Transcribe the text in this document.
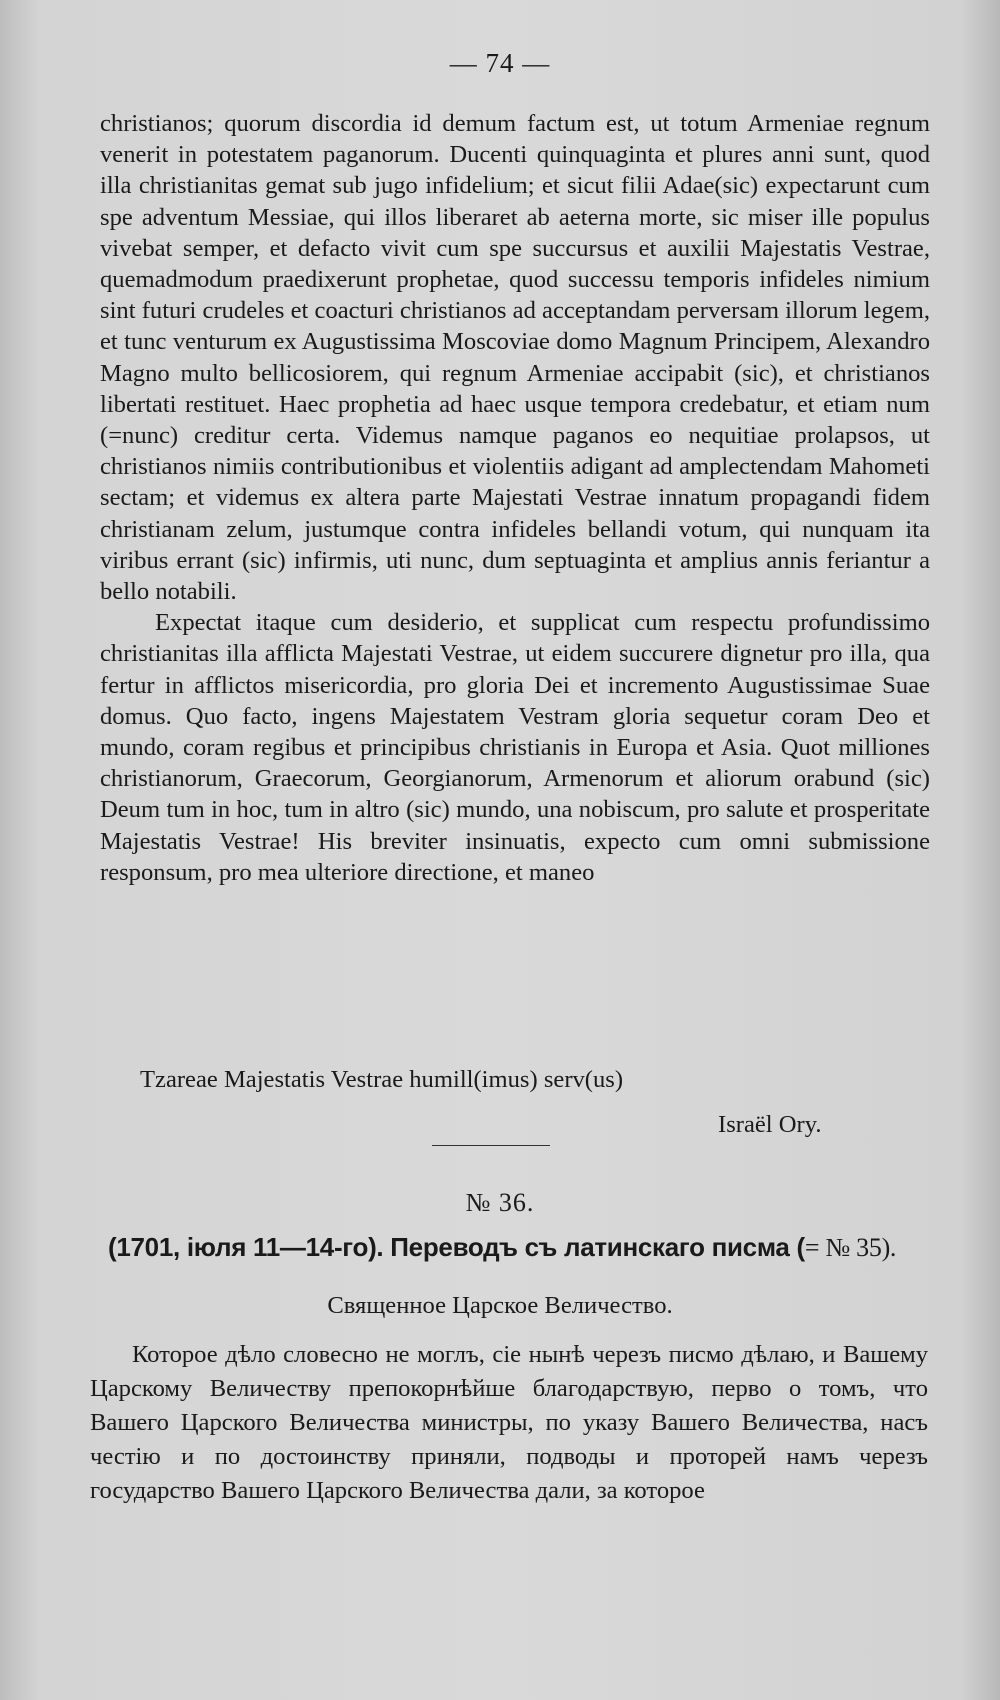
— 74 —

christianos; quorum discordia id demum factum est, ut totum Armeniae regnum venerit in potestatem paganorum. Ducenti quinquaginta et plures anni sunt, quod illa christianitas gemat sub jugo infidelium; et sicut filii Adae(sic) expectarunt cum spe adventum Messiae, qui illos liberaret ab aeterna morte, sic miser ille populus vivebat semper, et defacto vivit cum spe succursus et auxilii Majestatis Vestrae, quemadmodum praedixerunt prophetae, quod successu temporis infideles nimium sint futuri crudeles et coacturi christianos ad acceptandam perversam illorum legem, et tunc venturum ex Augustissima Moscoviae domo Magnum Principem, Alexandro Magno multo bellicosiorem, qui regnum Armeniae accipabit (sic), et christianos libertati restituet. Haec prophetia ad haec usque tempora credebatur, et etiam num (=nunc) creditur certa. Videmus namque paganos eo nequitiae prolapsos, ut christianos nimiis contributionibus et violentiis adigant ad amplectendam Mahometi sectam; et videmus ex altera parte Majestati Vestrae innatum propagandi fidem christianam zelum, justumque contra infideles bellandi votum, qui nunquam ita viribus errant (sic) infirmis, uti nunc, dum septuaginta et amplius annis feriantur a bello notabili.

Expectat itaque cum desiderio, et supplicat cum respectu profundissimo christianitas illa afflicta Majestati Vestrae, ut eidem succurere dignetur pro illa, qua fertur in afflictos misericordia, pro gloria Dei et incremento Augustissimae Suae domus. Quo facto, ingens Majestatem Vestram gloria sequetur coram Deo et mundo, coram regibus et principibus christianis in Europa et Asia. Quot milliones christianorum, Graecorum, Georgianorum, Armenorum et aliorum orabund (sic) Deum tum in hoc, tum in altro (sic) mundo, una nobiscum, pro salute et prosperitate Majestatis Vestrae! His breviter insinuatis, expecto cum omni submissione responsum, pro mea ulteriore directione, et maneo

Tzareae Majestatis Vestrae humill(imus) serv(us)
Israël Ory.
№ 36.
(1701, іюля 11—14-го). Переводъ съ латинскаго писма (= № 35).
Священное Царское Величество.

Которое дѣло словесно не моглъ, сіе нынѣ черезъ писмо дѣлаю, и Вашему Царскому Величеству препокорнѣйше благодарствую, перво о томъ, что Вашего Царского Величества министры, по указу Вашего Величества, насъ честію и по достоинству приняли, подводы и проторей намъ черезъ государство Вашего Царского Величества дали, за которое
